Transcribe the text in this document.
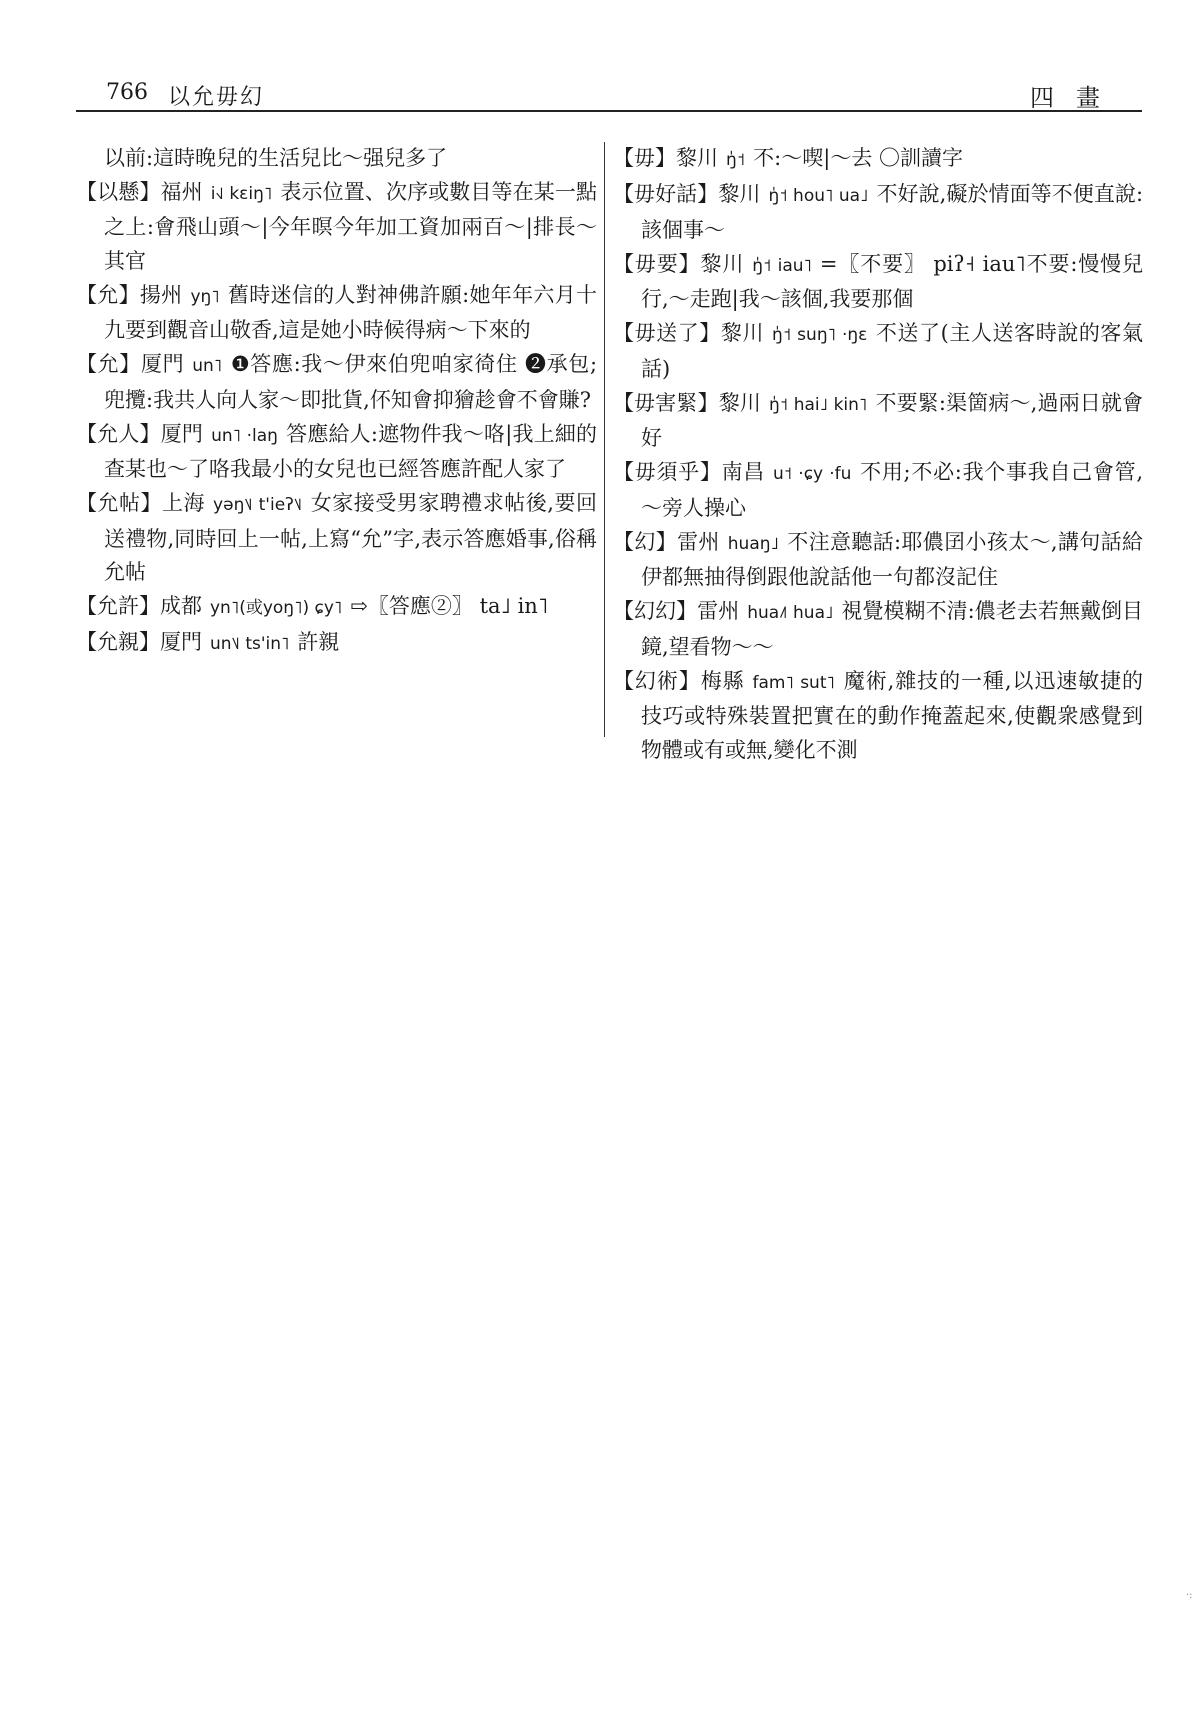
766 以允毋幻	四畫

以前:這時晚兒的生活兒比～强兒多了

【以懸】福州 i˧˩ kɛiŋ˥ 表示位置、次序或數目等在某一點之上:會飛山頭～|今年暝今年加工資加兩百～|排長～其官

【允】揚州 yŋ˥ 舊時迷信的人對神佛許願:她年年六月十九要到觀音山敬香,這是她小時候得病～下來的

【允】厦門 un˥ ❶答應:我～伊來伯兜咱家徛住 ❷承包;兜攬:我共人向人家～即批貨,伓知會抑獪趁會不會賺?

【允人】厦門 un˥ ·laŋ 答應給人:遮物件我～咯|我上細的查某也～了咯我最小的女兒也已經答應許配人家了

【允帖】上海 yəŋ˥˩ t'ieʔ˥˩ 女家接受男家聘禮求帖後,要回送禮物,同時回上一帖,上寫“允”字,表示答應婚事,俗稱允帖

【允許】成都 yn˥(或yoŋ˥) ɕy˥ ⇨〖答應②〗 ta˩ in˥

【允親】厦門 un˥˩ ts'in˥ 許親

【毋】黎川 ŋ̍˦ 不:～喫|～去 〇訓讀字

【毋好話】黎川 ŋ̍˦ hou˥ ua˩ 不好說,礙於情面等不便直說:該個事～

【毋要】黎川 ŋ̍˦ iau˥ =〖不要〗 piʔ˧ iau˥不要:慢慢兒行,～走跑|我～該個,我要那個

【毋送了】黎川 ŋ̍˦ suŋ˥ ·ŋɛ 不送了(主人送客時說的客氣話)

【毋害緊】黎川 ŋ̍˦ hai˩ kin˥ 不要緊:渠箇病～,過兩日就會好

【毋須乎】南昌 u˦ ·ɕy ·fu 不用;不必:我个事我自己會管,～旁人操心

【幻】雷州 huaŋ˩ 不注意聽話:耶儂囝小孩太～,講句話給伊都無抽得倒跟他說話他一句都沒記住

【幻幻】雷州 hua˩˥ hua˩ 視覺模糊不清:儂老去若無戴倒目鏡,望看物～～

【幻術】梅縣 fam˥ sut˥ 魔術,雜技的一種,以迅速敏捷的技巧或特殊裝置把實在的動作掩蓋起來,使觀衆感覺到物體或有或無,變化不測

·:
